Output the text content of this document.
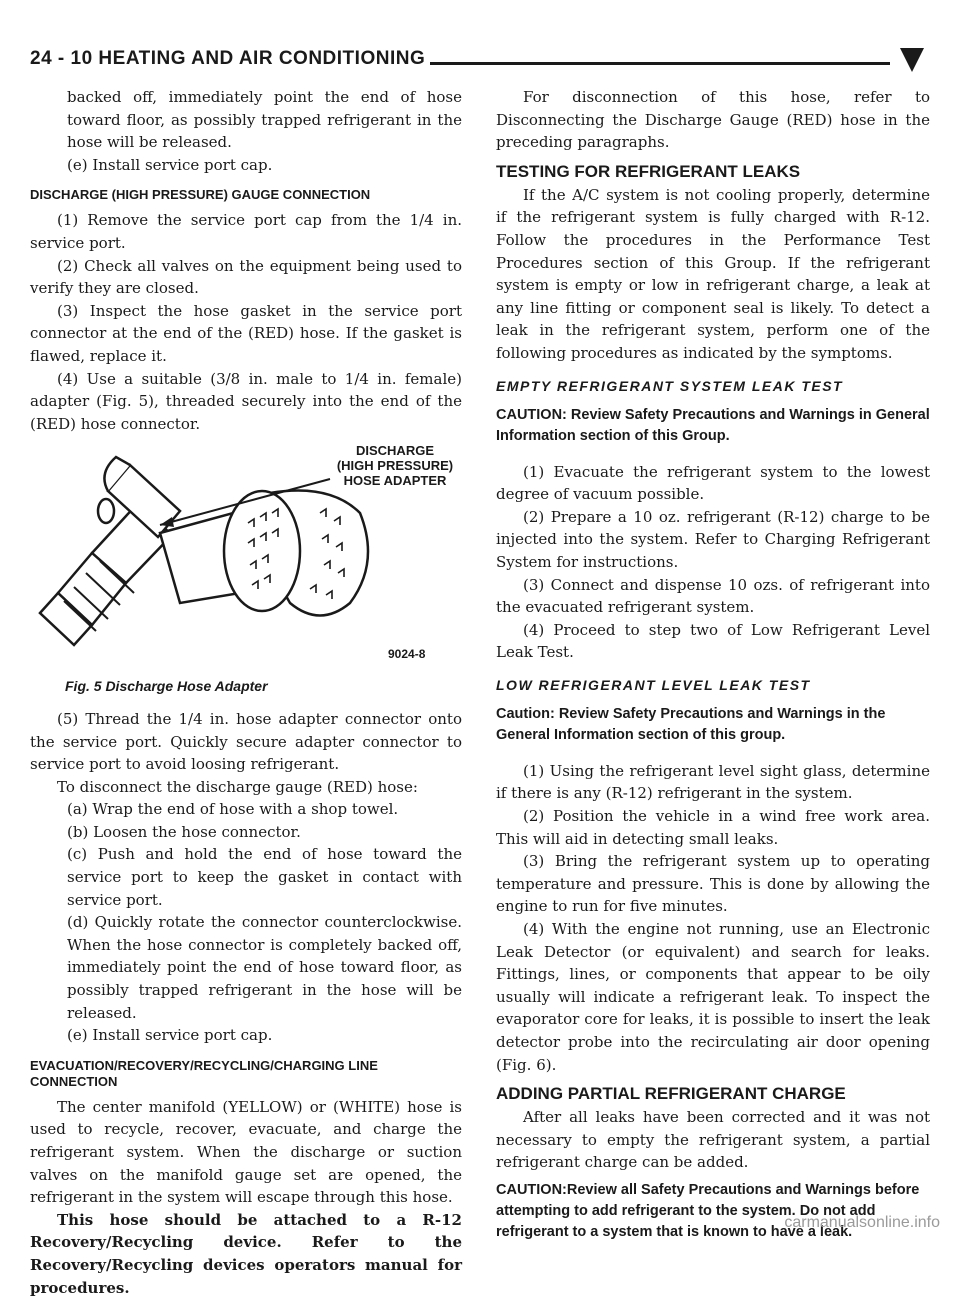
24 - 10 HEATING AND AIR CONDITIONING

backed off, immediately point the end of hose toward floor, as possibly trapped refrigerant in the hose will be released.

(e) Install service port cap.

DISCHARGE (HIGH PRESSURE) GAUGE CONNECTION

(1) Remove the service port cap from the 1/4 in. service port.

(2) Check all valves on the equipment being used to verify they are closed.

(3) Inspect the hose gasket in the service port connector at the end of the (RED) hose. If the gasket is flawed, replace it.

(4) Use a suitable (3/8 in. male to 1/4 in. female) adapter (Fig. 5), threaded securely into the end of the (RED) hose connector.

DISCHARGE
(HIGH PRESSURE)
HOSE ADAPTER
9024-8
Fig. 5 Discharge Hose Adapter

(5) Thread the 1/4 in. hose adapter connector onto the service port. Quickly secure adapter connector to service port to avoid loosing refrigerant.

To disconnect the discharge gauge (RED) hose:

(a) Wrap the end of hose with a shop towel.

(b) Loosen the hose connector.

(c) Push and hold the end of hose toward the service port to keep the gasket in contact with service port.

(d) Quickly rotate the connector counterclockwise. When the hose connector is completely backed off, immediately point the end of hose toward floor, as possibly trapped refrigerant in the hose will be released.

(e) Install service port cap.

EVACUATION/RECOVERY/RECYCLING/CHARGING LINE CONNECTION

The center manifold (YELLOW) or (WHITE) hose is used to recycle, recover, evacuate, and charge the refrigerant system. When the discharge or suction valves on the manifold gauge set are opened, the refrigerant in the system will escape through this hose.

This hose should be attached to a R-12 Recovery/Recycling device. Refer to the Recovery/Recycling devices operators manual for procedures.

For disconnection of this hose, refer to Disconnecting the Discharge Gauge (RED) hose in the preceding paragraphs.

TESTING FOR REFRIGERANT LEAKS

If the A/C system is not cooling properly, determine if the refrigerant system is fully charged with R-12. Follow the procedures in the Performance Test Procedures section of this Group. If the refrigerant system is empty or low in refrigerant charge, a leak at any line fitting or component seal is likely. To detect a leak in the refrigerant system, perform one of the following procedures as indicated by the symptoms.

EMPTY REFRIGERANT SYSTEM LEAK TEST
CAUTION: Review Safety Precautions and Warnings in General Information section of this Group.

(1) Evacuate the refrigerant system to the lowest degree of vacuum possible.

(2) Prepare a 10 oz. refrigerant (R-12) charge to be injected into the system. Refer to Charging Refrigerant System for instructions.

(3) Connect and dispense 10 ozs. of refrigerant into the evacuated refrigerant system.

(4) Proceed to step two of Low Refrigerant Level Leak Test.

LOW REFRIGERANT LEVEL LEAK TEST
Caution: Review Safety Precautions and Warnings in the General Information section of this group.

(1) Using the refrigerant level sight glass, determine if there is any (R-12) refrigerant in the system.

(2) Position the vehicle in a wind free work area. This will aid in detecting small leaks.

(3) Bring the refrigerant system up to operating temperature and pressure. This is done by allowing the engine to run for five minutes.

(4) With the engine not running, use an Electronic Leak Detector (or equivalent) and search for leaks. Fittings, lines, or components that appear to be oily usually will indicate a refrigerant leak. To inspect the evaporator core for leaks, it is possible to insert the leak detector probe into the recirculating air door opening (Fig. 6).

ADDING PARTIAL REFRIGERANT CHARGE

After all leaks have been corrected and it was not necessary to empty the refrigerant system, a partial refrigerant charge can be added.

CAUTION:Review all Safety Precautions and Warnings before attempting to add refrigerant to the system. Do not add refrigerant to a system that is known to have a leak.
carmanualsonline.info
